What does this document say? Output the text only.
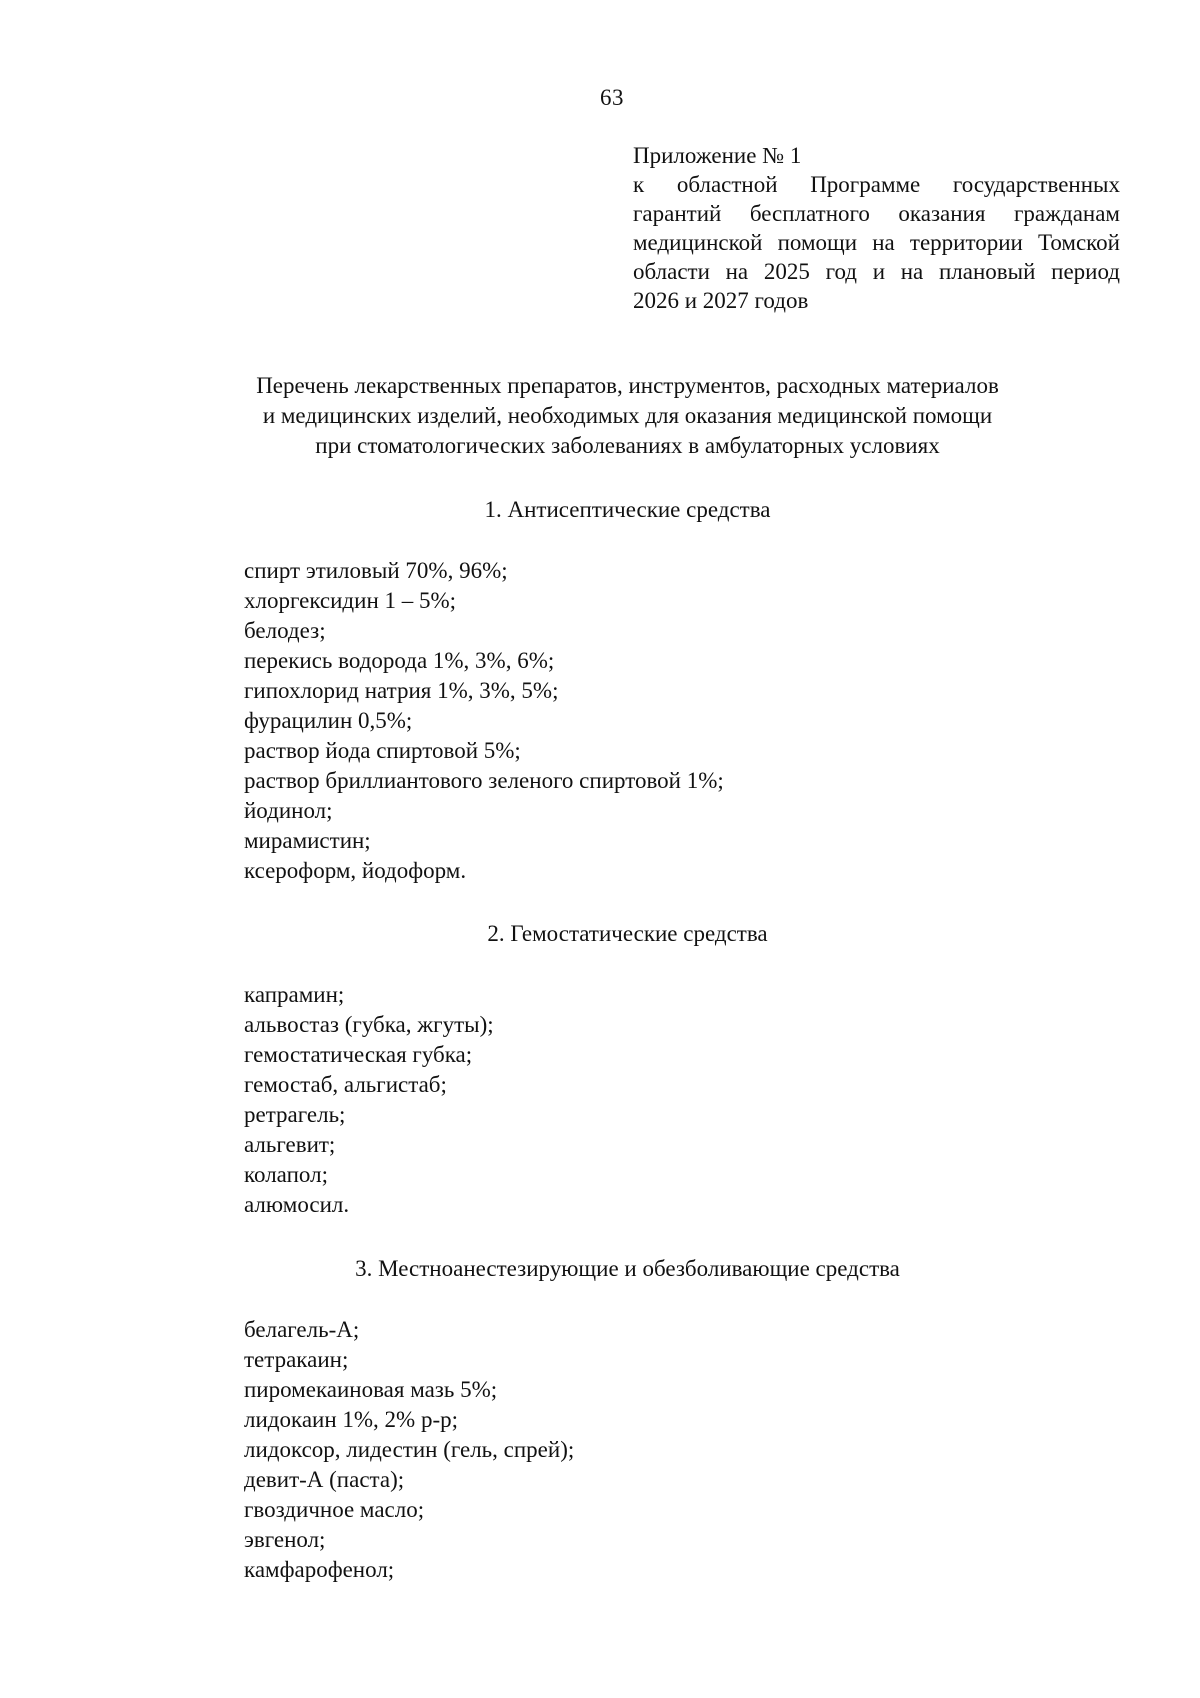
63
Приложение № 1
к областной Программе государственных
гарантий бесплатного оказания гражданам
медицинской помощи на территории Томской
области на 2025 год и на плановый период
2026 и 2027 годов
Перечень лекарственных препаратов, инструментов, расходных материалов
и медицинских изделий, необходимых для оказания медицинской помощи
при стоматологических заболеваниях в амбулаторных условиях
1. Антисептические средства
спирт этиловый 70%, 96%;
хлоргексидин 1 – 5%;
белодез;
перекись водорода 1%, 3%, 6%;
гипохлорид натрия 1%, 3%, 5%;
фурацилин 0,5%;
раствор йода спиртовой 5%;
раствор бриллиантового зеленого спиртовой 1%;
йодинол;
мирамистин;
ксероформ, йодоформ.
2. Гемостатические средства
капрамин;
альвостаз (губка, жгуты);
гемостатическая губка;
гемостаб, альгистаб;
ретрагель;
альгевит;
колапол;
алюмосил.
3. Местноанестезирующие и обезболивающие средства
белагель-А;
тетракаин;
пиромекаиновая мазь 5%;
лидокаин 1%, 2% р-р;
лидоксор, лидестин (гель, спрей);
девит-А (паста);
гвоздичное масло;
эвгенол;
камфарофенол;
